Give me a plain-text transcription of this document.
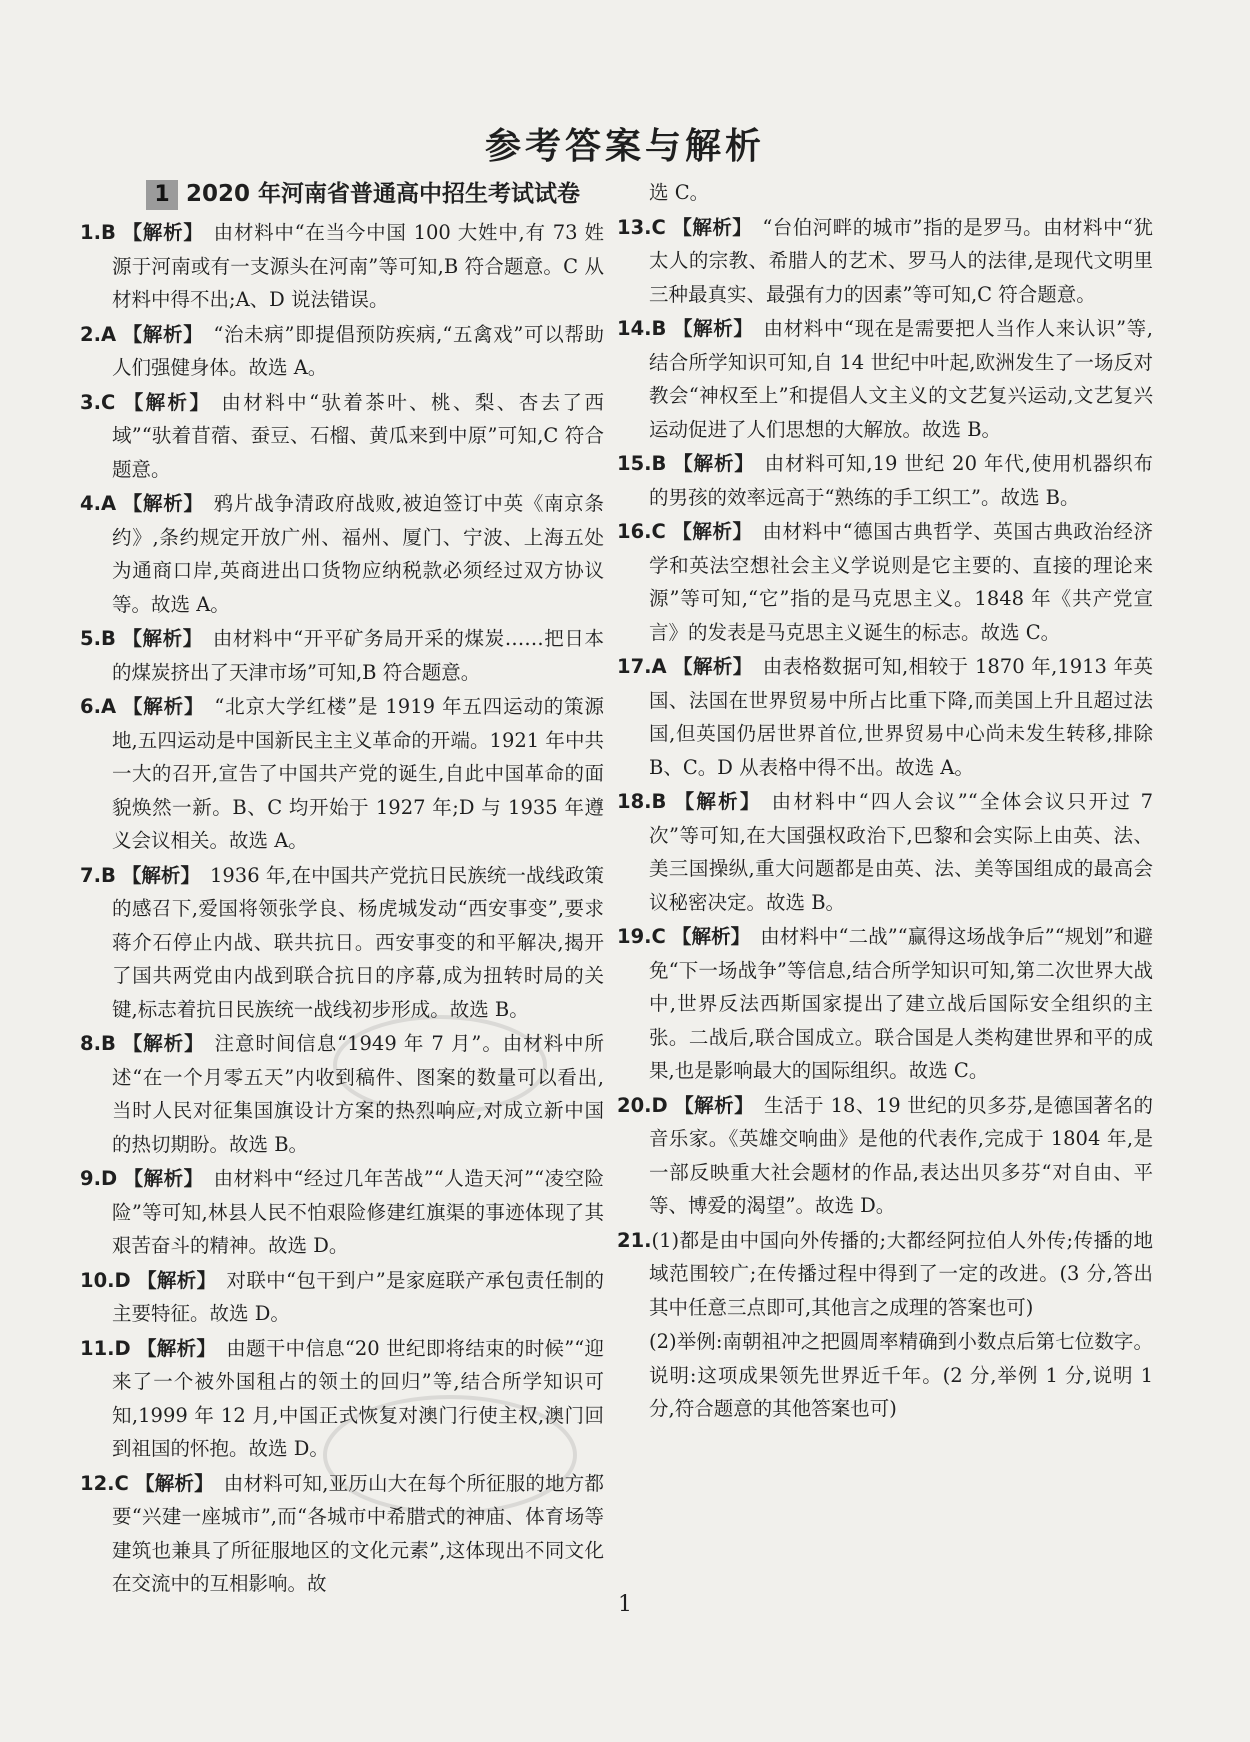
参考答案与解析
1 2020 年河南省普通高中招生考试试卷
1.B 【解析】 由材料中“在当今中国 100 大姓中,有 73 姓源于河南或有一支源头在河南”等可知,B 符合题意。C 从材料中得不出;A、D 说法错误。
2.A 【解析】 “治未病”即提倡预防疾病,“五禽戏”可以帮助人们强健身体。故选 A。
3.C 【解析】 由材料中“驮着茶叶、桃、梨、杏去了西域”“驮着苜蓿、蚕豆、石榴、黄瓜来到中原”可知,C 符合题意。
4.A 【解析】 鸦片战争清政府战败,被迫签订中英《南京条约》,条约规定开放广州、福州、厦门、宁波、上海五处为通商口岸,英商进出口货物应纳税款必须经过双方协议等。故选 A。
5.B 【解析】 由材料中“开平矿务局开采的煤炭……把日本的煤炭挤出了天津市场”可知,B 符合题意。
6.A 【解析】 “北京大学红楼”是 1919 年五四运动的策源地,五四运动是中国新民主主义革命的开端。1921 年中共一大的召开,宣告了中国共产党的诞生,自此中国革命的面貌焕然一新。B、C 均开始于 1927 年;D 与 1935 年遵义会议相关。故选 A。
7.B 【解析】 1936 年,在中国共产党抗日民族统一战线政策的感召下,爱国将领张学良、杨虎城发动“西安事变”,要求蒋介石停止内战、联共抗日。西安事变的和平解决,揭开了国共两党由内战到联合抗日的序幕,成为扭转时局的关键,标志着抗日民族统一战线初步形成。故选 B。
8.B 【解析】 注意时间信息“1949 年 7 月”。由材料中所述“在一个月零五天”内收到稿件、图案的数量可以看出,当时人民对征集国旗设计方案的热烈响应,对成立新中国的热切期盼。故选 B。
9.D 【解析】 由材料中“经过几年苦战”“人造天河”“凌空险险”等可知,林县人民不怕艰险修建红旗渠的事迹体现了其艰苦奋斗的精神。故选 D。
10.D 【解析】 对联中“包干到户”是家庭联产承包责任制的主要特征。故选 D。
11.D 【解析】 由题干中信息“20 世纪即将结束的时候”“迎来了一个被外国租占的领土的回归”等,结合所学知识可知,1999 年 12 月,中国正式恢复对澳门行使主权,澳门回到祖国的怀抱。故选 D。
12.C 【解析】 由材料可知,亚历山大在每个所征服的地方都要“兴建一座城市”,而“各城市中希腊式的神庙、体育场等建筑也兼具了所征服地区的文化元素”,这体现出不同文化在交流中的互相影响。故
选 C。
13.C 【解析】 “台伯河畔的城市”指的是罗马。由材料中“犹太人的宗教、希腊人的艺术、罗马人的法律,是现代文明里三种最真实、最强有力的因素”等可知,C 符合题意。
14.B 【解析】 由材料中“现在是需要把人当作人来认识”等,结合所学知识可知,自 14 世纪中叶起,欧洲发生了一场反对教会“神权至上”和提倡人文主义的文艺复兴运动,文艺复兴运动促进了人们思想的大解放。故选 B。
15.B 【解析】 由材料可知,19 世纪 20 年代,使用机器织布的男孩的效率远高于“熟练的手工织工”。故选 B。
16.C 【解析】 由材料中“德国古典哲学、英国古典政治经济学和英法空想社会主义学说则是它主要的、直接的理论来源”等可知,“它”指的是马克思主义。1848 年《共产党宣言》的发表是马克思主义诞生的标志。故选 C。
17.A 【解析】 由表格数据可知,相较于 1870 年,1913 年英国、法国在世界贸易中所占比重下降,而美国上升且超过法国,但英国仍居世界首位,世界贸易中心尚未发生转移,排除 B、C。D 从表格中得不出。故选 A。
18.B 【解析】 由材料中“四人会议”“全体会议只开过 7 次”等可知,在大国强权政治下,巴黎和会实际上由英、法、美三国操纵,重大问题都是由英、法、美等国组成的最高会议秘密决定。故选 B。
19.C 【解析】 由材料中“二战”“赢得这场战争后”“规划”和避免“下一场战争”等信息,结合所学知识可知,第二次世界大战中,世界反法西斯国家提出了建立战后国际安全组织的主张。二战后,联合国成立。联合国是人类构建世界和平的成果,也是影响最大的国际组织。故选 C。
20.D 【解析】 生活于 18、19 世纪的贝多芬,是德国著名的音乐家。《英雄交响曲》是他的代表作,完成于 1804 年,是一部反映重大社会题材的作品,表达出贝多芬“对自由、平等、博爱的渴望”。故选 D。
21.(1)都是由中国向外传播的;大都经阿拉伯人外传;传播的地域范围较广;在传播过程中得到了一定的改进。(3 分,答出其中任意三点即可,其他言之成理的答案也可)
(2)举例:南朝祖冲之把圆周率精确到小数点后第七位数字。说明:这项成果领先世界近千年。(2 分,举例 1 分,说明 1 分,符合题意的其他答案也可)
1
